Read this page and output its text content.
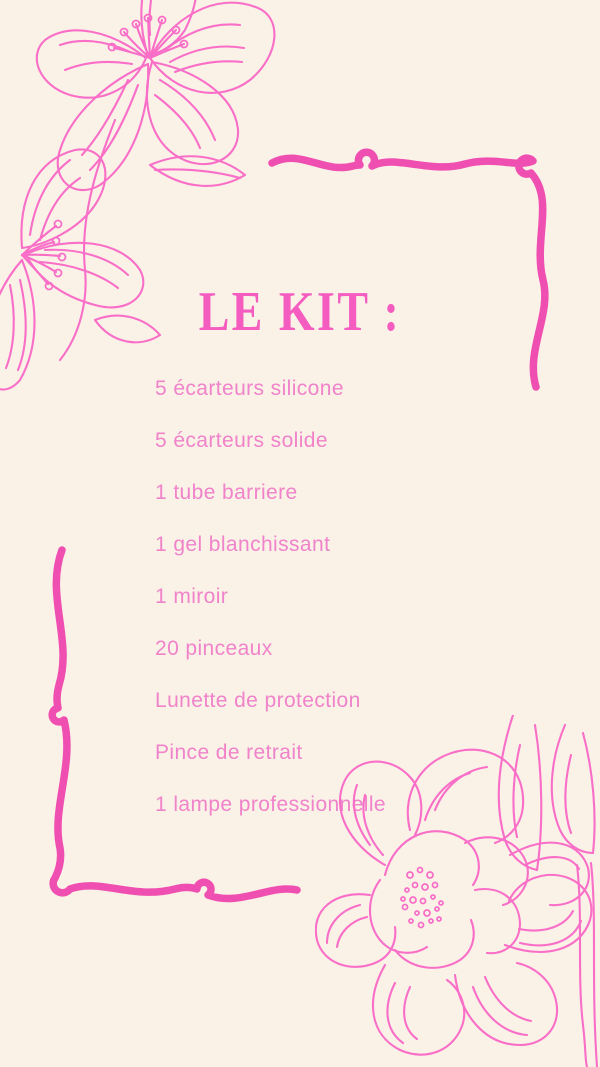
LE KIT :
5 écarteurs silicone
5 écarteurs solide
1 tube barriere
1 gel blanchissant
1 miroir
20 pinceaux
Lunette de protection
Pince de retrait
1 lampe professionnelle
